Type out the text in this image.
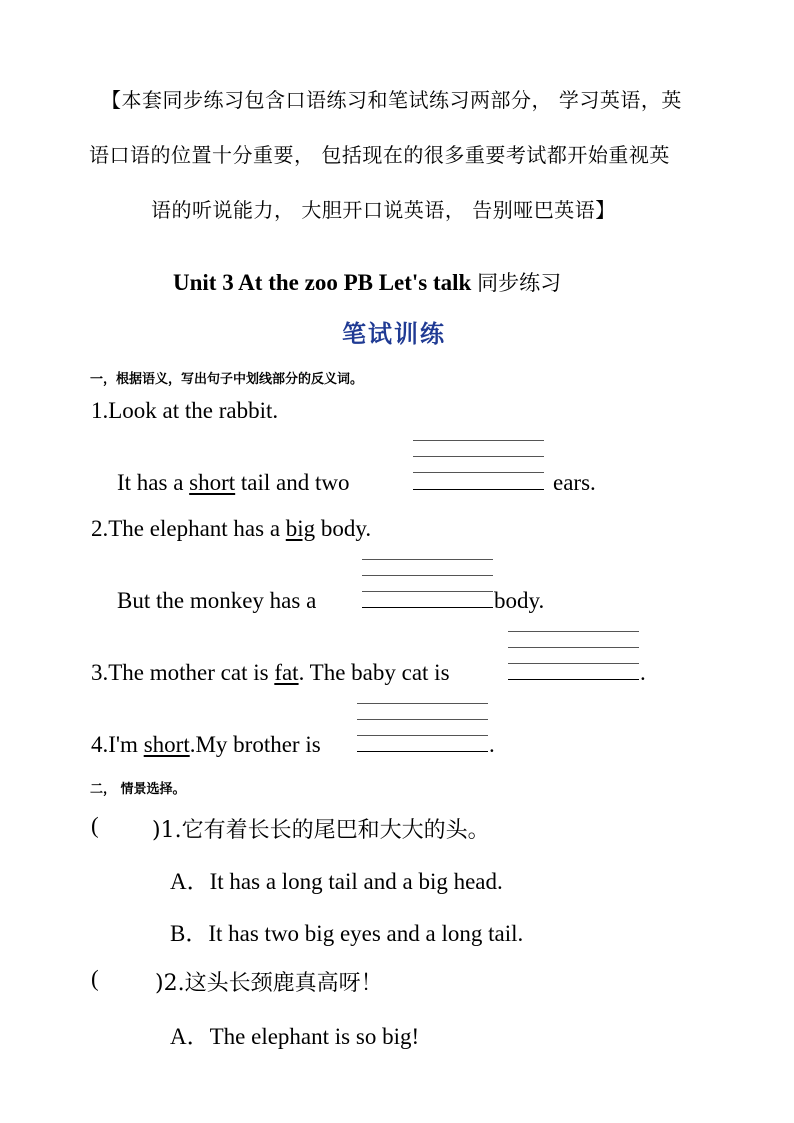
【本套同步练习包含口语练习和笔试练习两部分， 学习英语，英
语口语的位置十分重要， 包括现在的很多重要考试都开始重视英
语的听说能力， 大胆开口说英语， 告别哑巴英语】
Unit 3 At the zoo PB Let's talk 同步练习
笔试训练
一，根据语义，写出句子中划线部分的反义词。
1.Look at the rabbit.
It has a short tail and two	ears.
2.The elephant has a big body.
But the monkey has a	body.
3.The mother cat is fat. The baby cat is	.
4.I'm short.My brother is	.
二， 情景选择。
( )1.它有着长长的尾巴和大大的头。
A．It has a long tail and a big head.
B．It has two big eyes and a long tail.
(	)2.这头长颈鹿真高呀！
A．The elephant is so big!
